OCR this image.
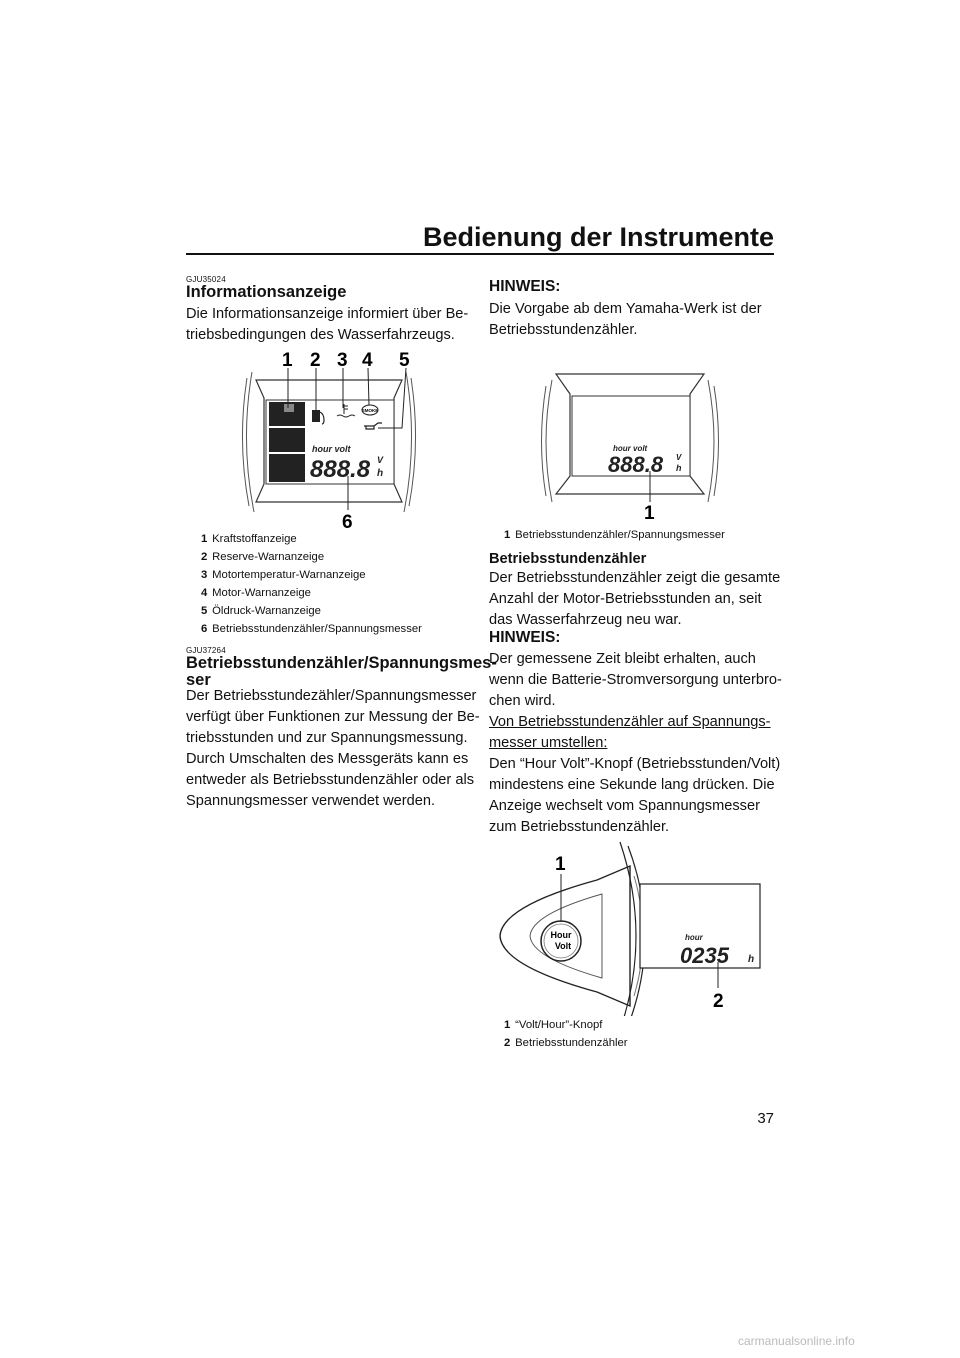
Bedienung der Instrumente
GJU35024
Informationsanzeige

Die Informationsanzeige informiert über Be-

triebsbedingungen des Wasserfahrzeugs.

SMOKE
hour volt
888.8 V
h
1 2 3 4 5
6
1 Kraftstoffanzeige
2 Reserve-Warnanzeige
3 Motortemperatur-Warnanzeige
4 Motor-Warnanzeige
5 Öldruck-Warnanzeige
6 Betriebsstundenzähler/Spannungsmesser
GJU37264
Betriebsstundenzähler/Spannungsmes-
ser

Der Betriebsstundezähler/Spannungsmesser

verfügt über Funktionen zur Messung der Be-

triebsstunden und zur Spannungsmessung.

Durch Umschalten des Messgeräts kann es

entweder als Betriebsstundenzähler oder als

Spannungsmesser verwendet werden.

HINWEIS:

Die Vorgabe ab dem Yamaha-Werk ist der

Betriebsstundenzähler.

hour volt
888.8 V
h
1
1 Betriebsstundenzähler/Spannungsmesser
Betriebsstundenzähler

Der Betriebsstundenzähler zeigt die gesamte

Anzahl der Motor-Betriebsstunden an, seit

das Wasserfahrzeug neu war.

HINWEIS:

Der gemessene Zeit bleibt erhalten, auch

wenn die Batterie-Stromversorgung unterbro-

chen wird.

Von Betriebsstundenzähler auf Spannungs-

messer umstellen:

Den “Hour Volt”-Knopf (Betriebsstunden/Volt)

mindestens eine Sekunde lang drücken. Die

Anzeige wechselt vom Spannungsmesser

zum Betriebsstundenzähler.

Hour
Volt
1
hour
0235 h
2
1 “Volt/Hour”-Knopf
2 Betriebsstundenzähler
37
carmanualsonline.info
